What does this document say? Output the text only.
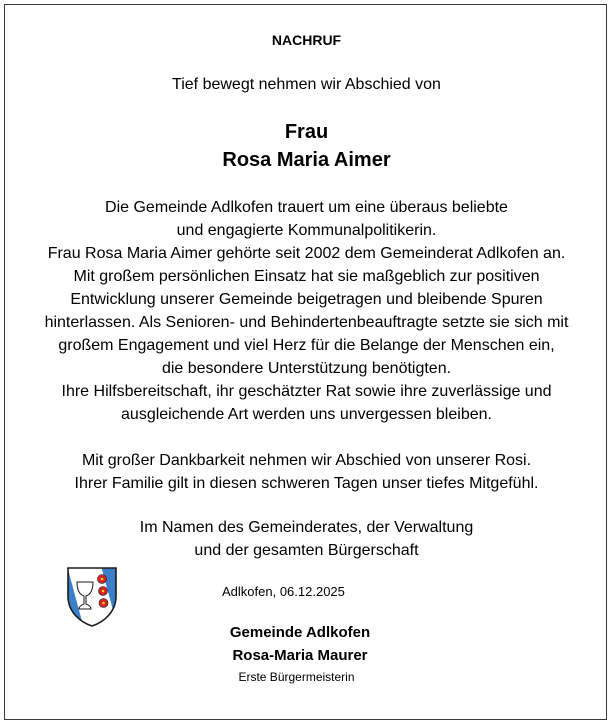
NACHRUF
Tief bewegt nehmen wir Abschied von
Frau
Rosa Maria Aimer
Die Gemeinde Adlkofen trauert um eine überaus beliebte
und engagierte Kommunalpolitikerin.
Frau Rosa Maria Aimer gehörte seit 2002 dem Gemeinderat Adlkofen an.
Mit großem persönlichen Einsatz hat sie maßgeblich zur positiven
Entwicklung unserer Gemeinde beigetragen und bleibende Spuren
hinterlassen. Als Senioren- und Behindertenbeauftragte setzte sie sich mit
großem Engagement und viel Herz für die Belange der Menschen ein,
die besondere Unterstützung benötigten.
Ihre Hilfsbereitschaft, ihr geschätzter Rat sowie ihre zuverlässige und
ausgleichende Art werden uns unvergessen bleiben.
Mit großer Dankbarkeit nehmen wir Abschied von unserer Rosi.
Ihrer Familie gilt in diesen schweren Tagen unser tiefes Mitgefühl.
Im Namen des Gemeinderates, der Verwaltung
und der gesamten Bürgerschaft
Adlkofen, 06.12.2025
Gemeinde Adlkofen
Rosa-Maria Maurer
Erste Bürgermeisterin
